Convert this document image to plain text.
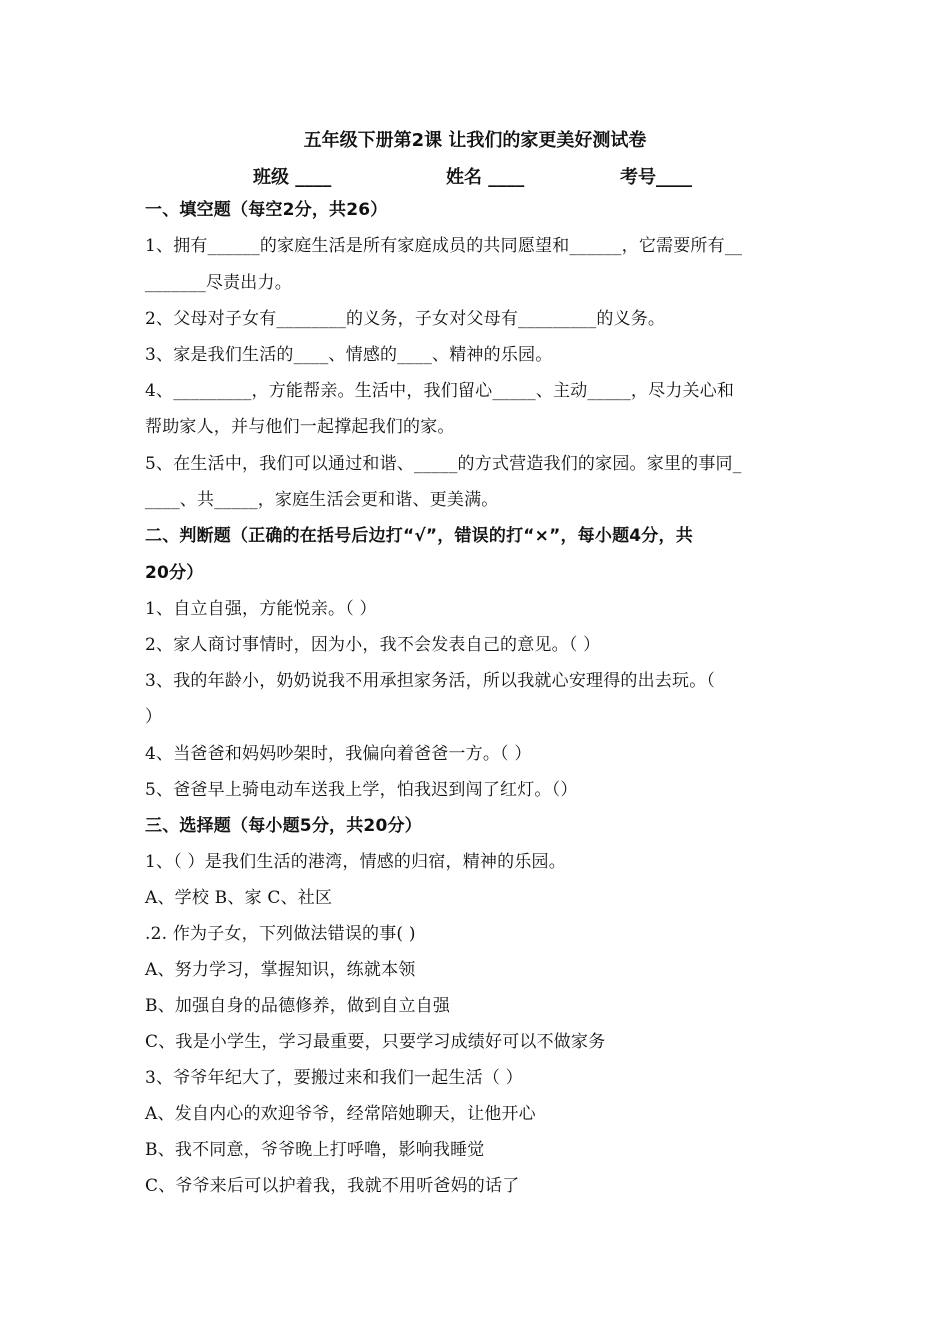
五年级下册第2课 让我们的家更美好测试卷
班级 ____	姓名 ____	考号____
一、填空题（每空2分，共26）
1、拥有______的家庭生活是所有家庭成员的共同愿望和______，它需要所有__
_______尽责出力。
2、父母对子女有________的义务，子女对父母有_________的义务。
3、家是我们生活的____、情感的____、精神的乐园。
4、_________，方能帮亲。生活中，我们留心_____、主动_____，尽力关心和
帮助家人，并与他们一起撑起我们的家。
5、在生活中，我们可以通过和谐、_____的方式营造我们的家园。家里的事同_
____、共_____，家庭生活会更和谐、更美满。
二、判断题（正确的在括号后边打“√”，错误的打“×”，每小题4分，共
20分）
1、自立自强，方能悦亲。（ ）
2、家人商讨事情时，因为小，我不会发表自己的意见。（ ）
3、我的年龄小，奶奶说我不用承担家务活，所以我就心安理得的出去玩。（
）
4、当爸爸和妈妈吵架时，我偏向着爸爸一方。（ ）
5、爸爸早上骑电动车送我上学，怕我迟到闯了红灯。（）
三、选择题（每小题5分，共20分）
1、（ ）是我们生活的港湾，情感的归宿，精神的乐园。
A、学校 B、家 C、社区
.2. 作为子女，下列做法错误的事( )
A、努力学习，掌握知识，练就本领
B、加强自身的品德修养，做到自立自强
C、我是小学生，学习最重要，只要学习成绩好可以不做家务
3、爷爷年纪大了，要搬过来和我们一起生活（ ）
A、发自内心的欢迎爷爷，经常陪她聊天，让他开心
B、我不同意，爷爷晚上打呼噜，影响我睡觉
C、爷爷来后可以护着我，我就不用听爸妈的话了
